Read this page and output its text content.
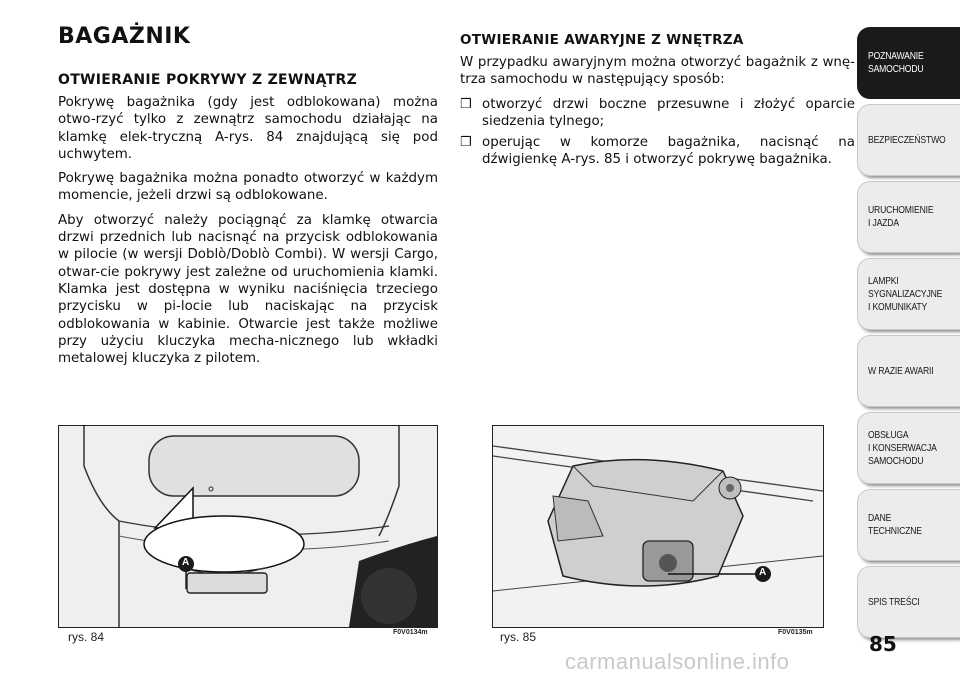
BAGAŻNIK
OTWIERANIE POKRYWY Z ZEWNĄTRZ

Pokrywę bagażnika (gdy jest odblokowana) można otwo-rzyć tylko z zewnątrz samochodu działając na klamkę elek-tryczną A-rys. 84 znajdującą się pod uchwytem.

Pokrywę bagażnika można ponadto otworzyć w każdym momencie, jeżeli drzwi są odblokowane.

Aby otworzyć należy pociągnąć za klamkę otwarcia drzwi przednich lub nacisnąć na przycisk odblokowania w pilocie (w wersji Doblò/Doblò Combi). W wersji Cargo, otwar-cie pokrywy jest zależne od uruchomienia klamki. Klamka jest dostępna w wyniku naciśnięcia trzeciego przycisku w pi-locie lub naciskając na przycisk odblokowania w kabinie. Otwarcie jest także możliwe przy użyciu kluczyka mecha-nicznego lub wkładki metalowej kluczyka z pilotem.

OTWIERANIE AWARYJNE Z WNĘTRZA

W przypadku awaryjnym można otworzyć bagażnik z wnę-trza samochodu w następujący sposób:

❒ otworzyć drzwi boczne przesuwne i złożyć oparcie siedzenia tylnego;
❒ operując w komorze bagażnika, nacisnąć na dźwigienkę A-rys. 85 i otworzyć pokrywę bagażnika.
A
rys. 84	F0V0134m
A
rys. 85	F0V0135m
POZNAWANIE
SAMOCHODU
BEZPIECZEŃSTWO
URUCHOMIENIE
I JAZDA
LAMPKI
SYGNALIZACYJNE
I KOMUNIKATY
W RAZIE AWARII
OBSŁUGA
I KONSERWACJA
SAMOCHODU
DANE
TECHNICZNE
SPIS TREŚCI
85
carmanualsonline.info
